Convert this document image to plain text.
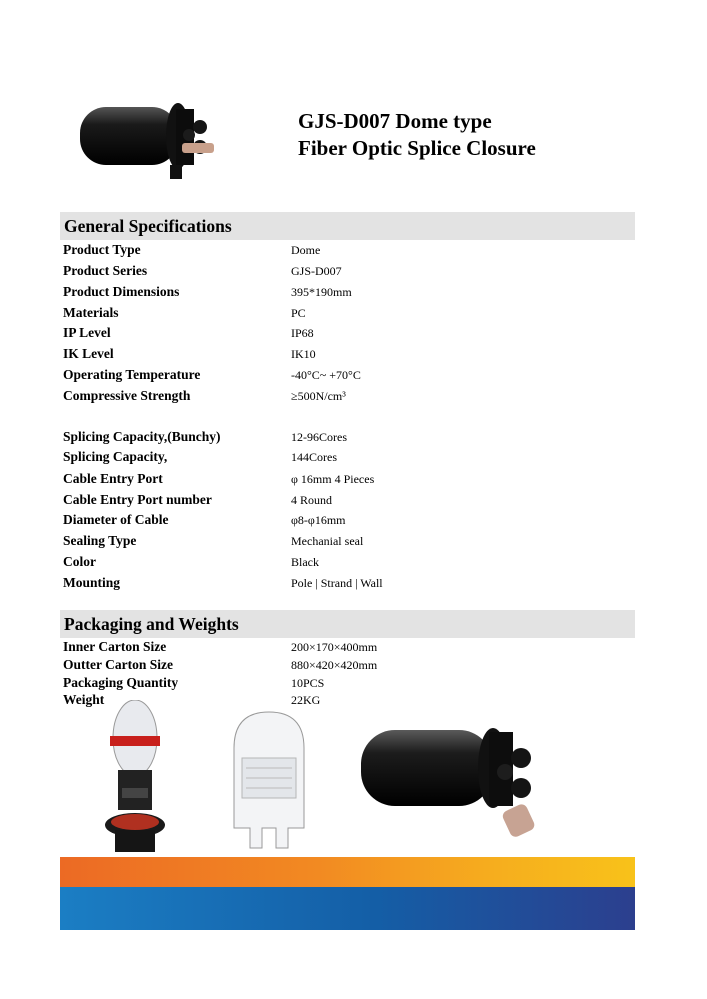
GJS-D007 Dome type
Fiber Optic Splice Closure
General Specifications
Product Type	Dome
Product Series	GJS-D007
Product Dimensions	395*190mm
Materials	PC
IP Level	IP68
IK Level	IK10
Operating Temperature	-40°C~ +70°C
Compressive Strength	≥500N/cm³
Splicing Capacity,(Bunchy)	12-96Cores
Splicing Capacity,	144Cores
Cable Entry Port	φ 16mm 4 Pieces
Cable Entry Port number	4 Round
Diameter of Cable	φ8-φ16mm
Sealing Type	Mechanial seal
Color	Black
Mounting	Pole | Strand | Wall
Packaging and Weights
Inner Carton Size	200×170×400mm
Outter Carton Size	880×420×420mm
Packaging Quantity	10PCS
Weight	22KG
